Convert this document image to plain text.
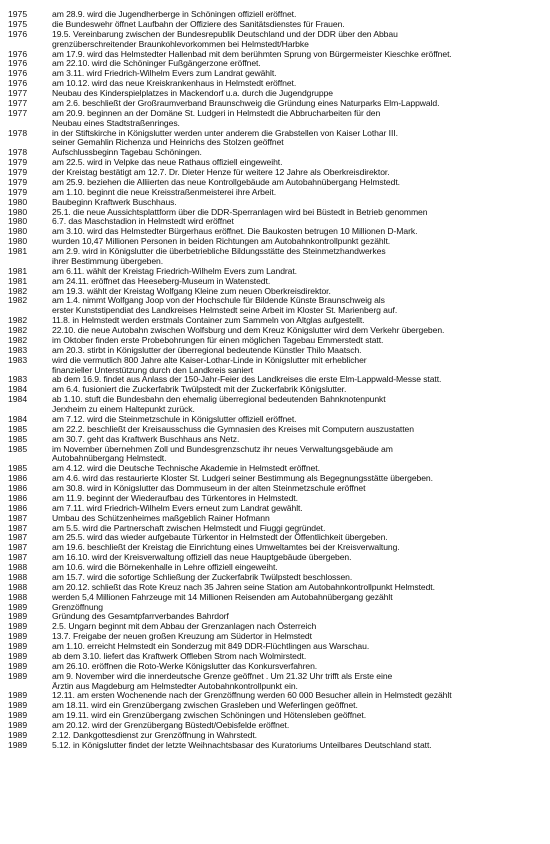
1975	am 28.9. wird die Jugendherberge in Schöningen offiziell eröffnet.
1975	die Bundeswehr öffnet Laufbahn der Offiziere des Sanitätsdienstes für Frauen.
1976	19.5. Vereinbarung zwischen der Bundesrepublik Deutschland und der DDR über den Abbau
grenzüberschreitender Braunkohlevorkommen bei Helmstedt/Harbke
1976	am 17.9. wird das Helmstedter Hallenbad mit dem berühmten Sprung von Bürgermeister Kieschke eröffnet.
1976	am 22.10. wird die Schöninger Fußgängerzone eröffnet.
1976	am 3.11. wird Friedrich-Wilhelm Evers zum Landrat gewählt.
1976	am 10.12. wird das neue Kreiskrankenhaus in Helmstedt eröffnet.
1977	Neubau des Kinderspielplatzes in Mackendorf u.a. durch die Jugendgruppe
1977	am 2.6. beschließt der Großraumverband Braunschweig die Gründung eines Naturparks Elm-Lappwald.
1977	am 20.9. beginnen an der Domäne St. Ludgeri in Helmstedt die Abbrucharbeiten für den
Neubau eines Stadtstraßenringes.
1978	in der Stiftskirche in Königslutter werden unter anderem die Grabstellen von Kaiser Lothar III.
seiner Gemahlin Richenza und Heinrichs des Stolzen geöffnet
1978	Aufschlussbeginn Tagebau Schöningen.
1979	am 22.5. wird in Velpke das neue Rathaus offiziell eingeweiht.
1979	der Kreistag bestätigt am 12.7. Dr. Dieter Henze für weitere 12 Jahre als Oberkreisdirektor.
1979	am 25.9. beziehen die Alliierten das neue Kontrollgebäude am Autobahnübergang Helmstedt.
1979	am 1.10. beginnt die neue Kreisstraßenmeisterei ihre Arbeit.
1980	Baubeginn Kraftwerk Buschhaus.
1980	25.1. die neue Aussichtsplattform über die DDR-Sperranlagen wird bei Büstedt in Betrieb genommen
1980	6.7. das Maschstadion in Helmstedt wird eröffnet
1980	am 3.10. wird das Helmstedter Bürgerhaus eröffnet. Die Baukosten betrugen 10 Millionen D-Mark.
1980	wurden 10,47 Millionen Personen in beiden Richtungen am Autobahnkontrollpunkt gezählt.
1981	am 2.9. wird in Königslutter die überbetriebliche Bildungsstätte des Steinmetzhandwerkes
ihrer Bestimmung übergeben.
1981	am 6.11. wählt der Kreistag Friedrich-Wilhelm Evers zum Landrat.
1981	am 24.11. eröffnet das Heeseberg-Museum in Watenstedt.
1982	am 19.3. wählt der Kreistag Wolfgang Kleine zum neuen Oberkreisdirektor.
1982	am 1.4. nimmt Wolfgang Joop von der Hochschule für Bildende Künste Braunschweig als
erster Kunststipendiat des Landkreises Helmstedt seine Arbeit im Kloster St. Marienberg auf.
1982	11.8. in Helmstedt werden erstmals Container zum Sammeln von Altglas aufgestellt.
1982	22.10. die neue Autobahn zwischen Wolfsburg und dem Kreuz Königslutter wird dem Verkehr übergeben.
1982	im Oktober finden erste Probebohrungen für einen möglichen Tagebau Emmerstedt statt.
1983	am 20.3. stirbt in Königslutter der überregional bedeutende Künstler Thilo Maatsch.
1983	wird die vermutlich 800 Jahre alte Kaiser-Lothar-Linde in Königslutter mit erheblicher
finanzieller Unterstützung durch den Landkreis saniert
1983	ab dem 16.9. findet aus Anlass der 150-Jahr-Feier des Landkreises die erste Elm-Lappwald-Messe statt.
1984	am 6.4. fusioniert die Zuckerfabrik Twülpstedt mit der Zuckerfabrik Königslutter.
1984	ab 1.10. stuft die Bundesbahn den ehemalig überregional bedeutenden Bahnknotenpunkt
Jerxheim zu einem Haltepunkt zurück.
1984	am 7.12. wird die Steinmetzschule in Königslutter offiziell eröffnet.
1985	am 22.2. beschließt der Kreisausschuss die Gymnasien des Kreises mit Computern auszustatten
1985	am 30.7. geht das Kraftwerk Buschhaus ans Netz.
1985	im November übernehmen Zoll und Bundesgrenzschutz ihr neues Verwaltungsgebäude am
Autobahnübergang Helmstedt.
1985	am 4.12. wird die Deutsche Technische Akademie in Helmstedt eröffnet.
1986	am 4.6. wird das restaurierte Kloster St. Ludgeri seiner Bestimmung als Begegnungsstätte übergeben.
1986	am 30.8. wird in Königslutter das Dommuseum in der alten Steinmetzschule eröffnet
1986	am 11.9. beginnt der Wiederaufbau des Türkentores in Helmstedt.
1986	am 7.11. wird Friedrich-Wilhelm Evers erneut zum Landrat gewählt.
1987	Umbau des Schützenheimes maßgeblich Rainer Hofmann
1987	am 5.5. wird die Partnerschaft zwischen Helmstedt und Fiuggi gegründet.
1987	am 25.5. wird das wieder aufgebaute Türkentor in Helmstedt der Öffentlichkeit übergeben.
1987	am 19.6. beschließt der Kreistag die Einrichtung eines Umweltamtes bei der Kreisverwaltung.
1987	am 16.10. wird der Kreisverwaltung offiziell das neue Hauptgebäude übergeben.
1988	am 10.6. wird die Börnekenhalle in Lehre offiziell eingeweiht.
1988	am 15.7. wird die sofortige Schließung der Zuckerfabrik Twülpstedt beschlossen.
1988	am 20.12. schließt das Rote Kreuz nach 35 Jahren seine Station am Autobahnkontrollpunkt Helmstedt.
1988	werden 5,4 Millionen Fahrzeuge mit 14 Millionen Reisenden am Autobahnübergang gezählt
1989	Grenzöffnung
1989	Gründung des Gesamtpfarrverbandes Bahrdorf
1989	2.5. Ungarn beginnt mit dem Abbau der Grenzanlagen nach Österreich
1989	13.7. Freigabe der neuen großen Kreuzung am Südertor in Helmstedt
1989	am 1.10. erreicht Helmstedt ein Sonderzug mit 849 DDR-Flüchtlingen aus Warschau.
1989	ab dem 3.10. liefert das Kraftwerk Offleben Strom nach Wolmirstedt.
1989	am 26.10. eröffnen die Roto-Werke Königslutter das Konkursverfahren.
1989	am 9. November wird die innerdeutsche Grenze geöffnet . Um 21.32 Uhr trifft als Erste eine
Ärztin aus Magdeburg am Helmstedter Autobahnkontrollpunkt ein.
1989	12.11. am ersten Wochenende nach der Grenzöffnung werden 60 000 Besucher allein in Helmstedt gezählt
1989	am 18.11. wird ein Grenzübergang zwischen Grasleben und Weferlingen geöffnet.
1989	am 19.11. wird ein Grenzübergang zwischen Schöningen und Hötensleben geöffnet.
1989	am 20.12. wird der Grenzübergang Büstedt/Oebisfelde eröffnet.
1989	2.12. Dankgottesdienst zur Grenzöffnung in Wahrstedt.
1989	5.12. in Königslutter findet der letzte Weihnachtsbasar des Kuratoriums Unteilbares Deutschland statt.
